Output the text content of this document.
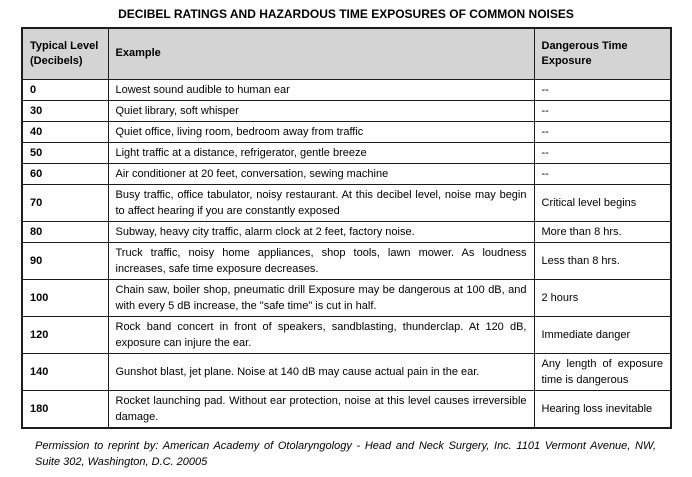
DECIBEL RATINGS AND HAZARDOUS TIME EXPOSURES OF COMMON NOISES
Typical Level (Decibels)	Example	Dangerous Time Exposure
0	Lowest sound audible to human ear	--
30	Quiet library, soft whisper	--
40	Quiet office, living room, bedroom away from traffic	--
50	Light traffic at a distance, refrigerator, gentle breeze	--
60	Air conditioner at 20 feet, conversation, sewing machine	--
70	Busy traffic, office tabulator, noisy restaurant. At this decibel level, noise may begin to affect hearing if you are constantly exposed	Critical level begins
80	Subway, heavy city traffic, alarm clock at 2 feet, factory noise.	More than 8 hrs.
90	Truck traffic, noisy home appliances, shop tools, lawn mower. As loudness increases, safe time exposure decreases.	Less than 8 hrs.
100	Chain saw, boiler shop, pneumatic drill Exposure may be dangerous at 100 dB, and with every 5 dB increase, the "safe time" is cut in half.	2 hours
120	Rock band concert in front of speakers, sandblasting, thunderclap. At 120 dB, exposure can injure the ear.	Immediate danger
140	Gunshot blast, jet plane. Noise at 140 dB may cause actual pain in the ear.	Any length of exposure time is dangerous
180	Rocket launching pad. Without ear protection, noise at this level causes irreversible damage.	Hearing loss inevitable
Permission to reprint by: American Academy of Otolaryngology - Head and Neck Surgery, Inc. 1101 Vermont Avenue, NW, Suite 302, Washington, D.C. 20005
